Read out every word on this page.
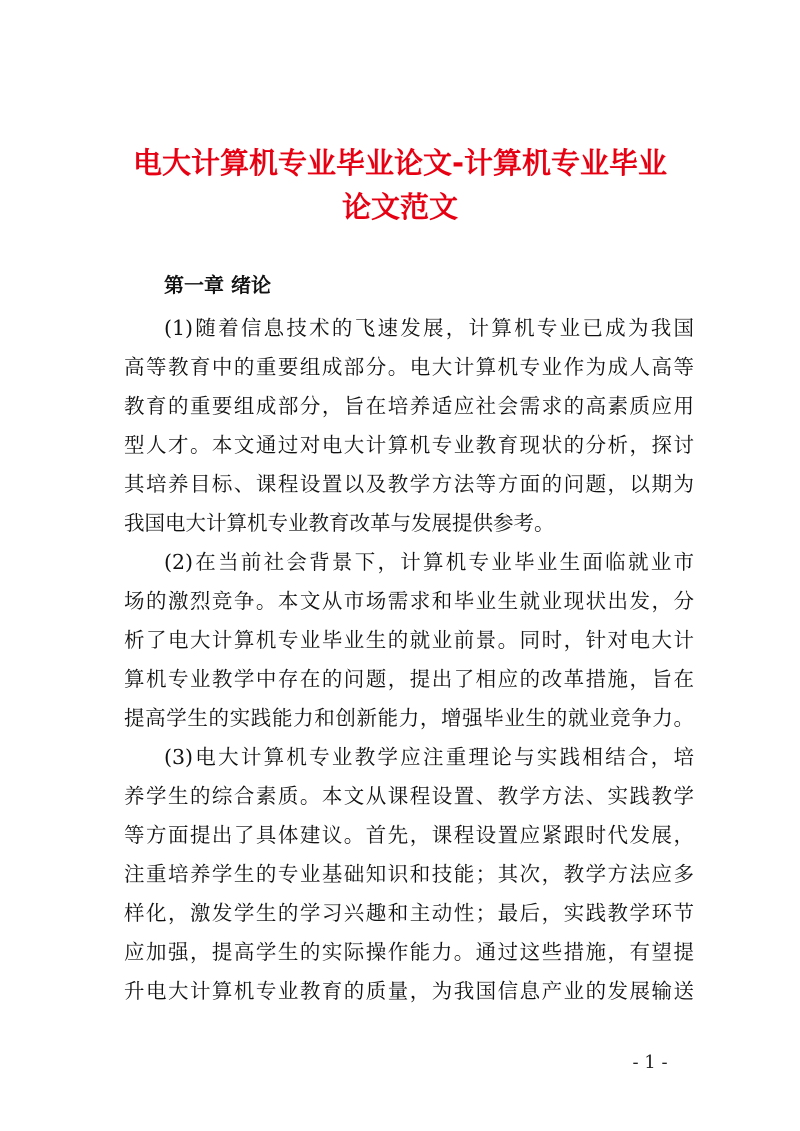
电大计算机专业毕业论文-计算机专业毕业
论文范文
第一章 绪论
(1)随着信息技术的飞速发展，计算机专业已成为我国
高等教育中的重要组成部分。电大计算机专业作为成人高等
教育的重要组成部分，旨在培养适应社会需求的高素质应用
型人才。本文通过对电大计算机专业教育现状的分析，探讨
其培养目标、课程设置以及教学方法等方面的问题，以期为
我国电大计算机专业教育改革与发展提供参考。
(2)在当前社会背景下，计算机专业毕业生面临就业市
场的激烈竞争。本文从市场需求和毕业生就业现状出发，分
析了电大计算机专业毕业生的就业前景。同时，针对电大计
算机专业教学中存在的问题，提出了相应的改革措施，旨在
提高学生的实践能力和创新能力，增强毕业生的就业竞争力。
(3)电大计算机专业教学应注重理论与实践相结合，培
养学生的综合素质。本文从课程设置、教学方法、实践教学
等方面提出了具体建议。首先，课程设置应紧跟时代发展，
注重培养学生的专业基础知识和技能；其次，教学方法应多
样化，激发学生的学习兴趣和主动性；最后，实践教学环节
应加强，提高学生的实际操作能力。通过这些措施，有望提
升电大计算机专业教育的质量，为我国信息产业的发展输送
- 1 -
